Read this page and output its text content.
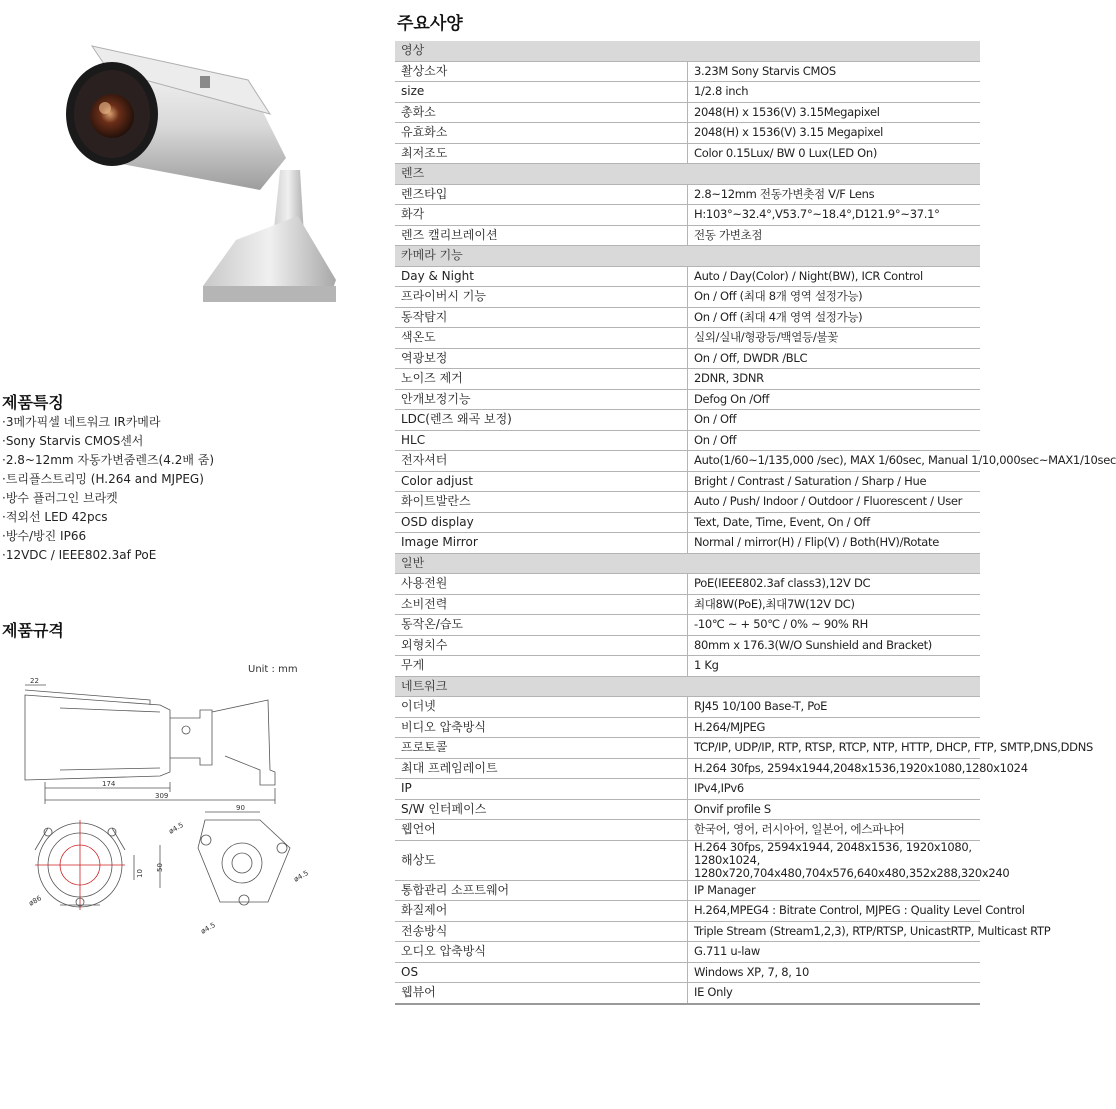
제품특징
·3메가픽셀 네트워크 IR카메라
·Sony Starvis CMOS센서
·2.8~12mm 자동가변줌렌즈(4.2배 줌)
·트리플스트리밍 (H.264 and MJPEG)
·방수 플러그인 브라켓
·적외선 LED 42pcs
·방수/방진 IP66
·12VDC / IEEE802.3af PoE
제품규격
Unit : mm
22
174
309
90
10
50
ø86
ø4.5
ø4.5
ø4.5
주요사양
영상	
촬상소자	3.23M Sony Starvis CMOS
size	1/2.8 inch
총화소	2048(H) x 1536(V) 3.15Megapixel
유효화소	2048(H) x 1536(V) 3.15 Megapixel
최저조도	Color 0.15Lux/ BW 0 Lux(LED On)
렌즈	
렌즈타입	2.8~12mm 전동가변촛점 V/F Lens
화각	H:103°~32.4°,V53.7°~18.4°,D121.9°~37.1°
렌즈 캘리브레이션	전동 가변초점
카메라 기능	
Day & Night	Auto / Day(Color) / Night(BW), ICR Control
프라이버시 기능	On / Off (최대 8개 영역 설정가능)
동작탐지	On / Off (최대 4개 영역 설정가능)
색온도	실외/실내/형광등/백열등/불꽃
역광보정	On / Off, DWDR /BLC
노이즈 제거	2DNR, 3DNR
안개보정기능	Defog On /Off
LDC(렌즈 왜곡 보정)	On / Off
HLC	On / Off
전자셔터	Auto(1/60~1/135,000 /sec), MAX 1/60sec, Manual 1/10,000sec~MAX1/10sec
Color adjust	Bright / Contrast / Saturation / Sharp / Hue
화이트발란스	Auto / Push/ Indoor / Outdoor / Fluorescent / User
OSD display	Text, Date, Time, Event, On / Off
Image Mirror	Normal / mirror(H) / Flip(V) / Both(HV)/Rotate
일반	
사용전원	PoE(IEEE802.3af class3),12V DC
소비전력	최대8W(PoE),최대7W(12V DC)
동작온/습도	-10℃ ~ + 50℃ / 0% ~ 90% RH
외형치수	80mm x 176.3(W/O Sunshield and Bracket)
무게	1 Kg
네트워크	
이더넷	RJ45 10/100 Base-T, PoE
비디오 압축방식	H.264/MJPEG
프로토콜	TCP/IP, UDP/IP, RTP, RTSP, RTCP, NTP, HTTP, DHCP, FTP, SMTP,DNS,DDNS
최대 프레임레이트	H.264 30fps, 2594x1944,2048x1536,1920x1080,1280x1024
IP	IPv4,IPv6
S/W 인터페이스	Onvif profile S
웹언어	한국어, 영어, 러시아어, 일본어, 에스파냐어
해상도	H.264 30fps, 2594x1944, 2048x1536, 1920x1080, 1280x1024, 1280x720,704x480,704x576,640x480,352x288,320x240
통합관리 소프트웨어	IP Manager
화질제어	H.264,MPEG4 : Bitrate Control, MJPEG : Quality Level Control
전송방식	Triple Stream (Stream1,2,3), RTP/RTSP, UnicastRTP, Multicast RTP
오디오 압축방식	G.711 u-law
OS	Windows XP, 7, 8, 10
웹뷰어	IE Only
